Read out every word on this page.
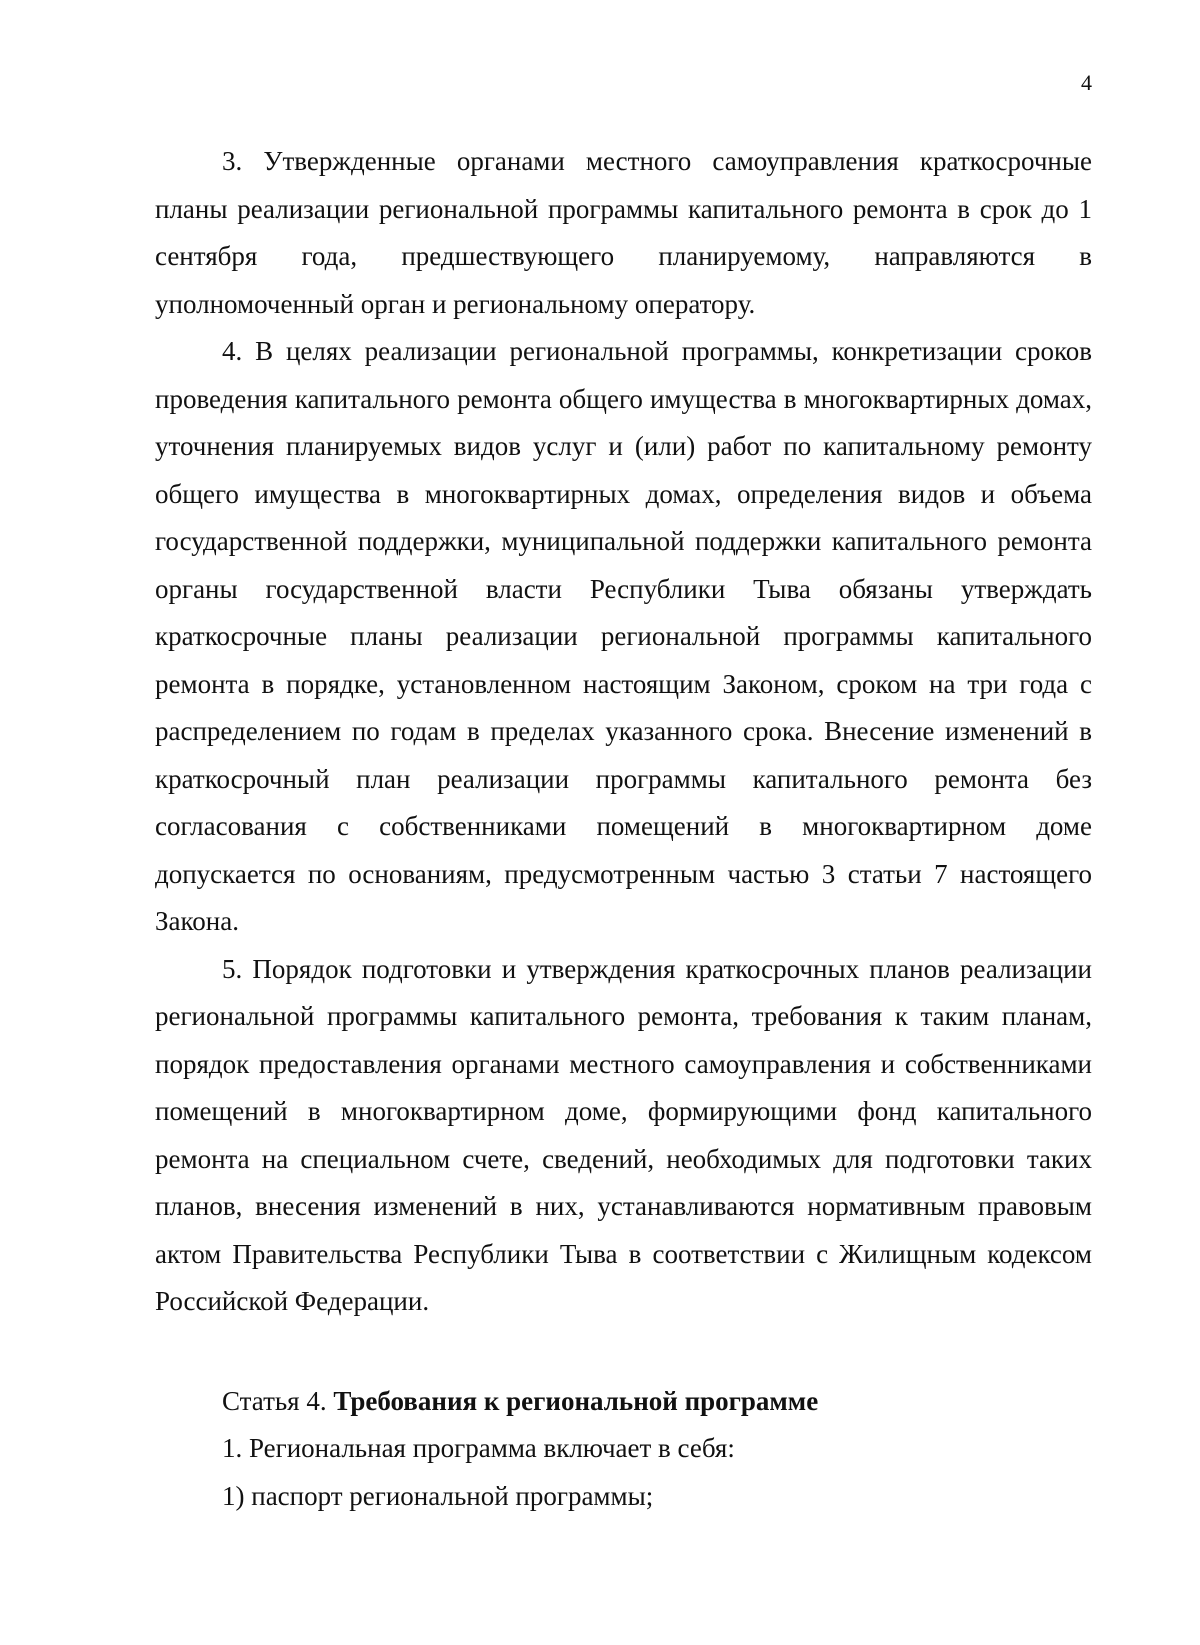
4

3. Утвержденные органами местного самоуправления краткосрочные планы реализации региональной программы капитального ремонта в срок до 1 сентября года, предшествующего планируемому, направляются в уполномоченный орган и региональному оператору.

4. В целях реализации региональной программы, конкретизации сроков проведения капитального ремонта общего имущества в многоквартирных домах, уточнения планируемых видов услуг и (или) работ по капитальному ремонту общего имущества в многоквартирных домах, определения видов и объема государственной поддержки, муниципальной поддержки капитального ремонта органы государственной власти Республики Тыва обязаны утверждать краткосрочные планы реализации региональной программы капитального ремонта в порядке, установленном настоящим Законом, сроком на три года с распределением по годам в пределах указанного срока. Внесение изменений в краткосрочный план реализации программы капитального ремонта без согласования с собственниками помещений в многоквартирном доме допускается по основаниям, предусмотренным частью 3 статьи 7 настоящего Закона.

5. Порядок подготовки и утверждения краткосрочных планов реализации региональной программы капитального ремонта, требования к таким планам, порядок предоставления органами местного самоуправления и собственниками помещений в многоквартирном доме, формирующими фонд капитального ремонта на специальном счете, сведений, необходимых для подготовки таких планов, внесения изменений в них, устанавливаются нормативным правовым актом Правительства Республики Тыва в соответствии с Жилищным кодексом Российской Федерации.

Статья 4. Требования к региональной программе

1. Региональная программа включает в себя:

1) паспорт региональной программы;
